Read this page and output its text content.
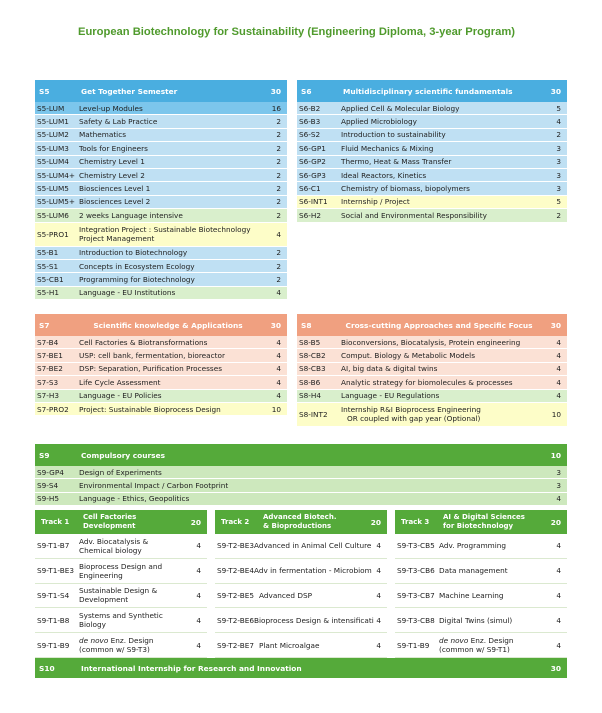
European Biotechnology for Sustainability (Engineering Diploma, 3-year Program)
S5	Get Together Semester	30
S5-LUM	Level-up Modules	16
S5-LUM1	Safety & Lab Practice	2
S5-LUM2	Mathematics	2
S5-LUM3	Tools for Engineers	2
S5-LUM4	Chemistry Level 1	2
S5-LUM4+ Chemistry Level 2	2
S5-LUM5	Biosciences Level 1	2
S5-LUM5+ Biosciences Level 2	2
S5-LUM6	2 weeks Language intensive	2
S5-PRO1	Integration Project : Sustainable Biotechnology Project Management	4
S5-B1	Introduction to Biotechnology	2
S5-S1	Concepts in Ecosystem Ecology	2
S5-CB1	Programming for Biotechnology	2
S5-H1	Language - EU Institutions	4
S6	Multidisciplinary scientific fundamentals	30
S6-B2	Applied Cell & Molecular Biology	5
S6-B3	Applied Microbiology	4
S6-S2	Introduction to sustainability	2
S6-GP1	Fluid Mechanics & Mixing	3
S6-GP2	Thermo, Heat & Mass Transfer	3
S6-GP3	Ideal Reactors, Kinetics	3
S6-C1	Chemistry of biomass, biopolymers	3
S6-INT1	Internship / Project	5
S6-H2	Social and Environmental Responsibility	2
S7	Scientific knowledge & Applications	30
S7-B4	Cell Factories & Biotransformations	4
S7-BE1	USP: cell bank, fermentation, bioreactor	4
S7-BE2	DSP: Separation, Purification Processes	4
S7-S3	Life Cycle Assessment	4
S7-H3	Language - EU Policies	4
S7-PRO2	Project: Sustainable Bioprocess Design	10
S8	Cross-cutting Approaches and Specific Focus	30
S8-B5	Bioconversions, Biocatalysis, Protein engineering	4
S8-CB2	Comput. Biology & Metabolic Models	4
S8-CB3	AI, big data & digital twins	4
S8-B6	Analytic strategy for biomolecules & processes	4
S8-H4	Language - EU Regulations	4
S8-INT2	Internship R&I Bioprocess Engineering
OR coupled with gap year (Optional)	10
S9	Compulsory courses	10
S9-GP4	Design of Experiments	3
S9-S4	Environmental Impact / Carbon Footprint	3
S9-H5	Language - Ethics, Geopolitics	4
Track 1
Cell Factories
Development	20
S9-T1-B7	Adv. Biocatalysis & Chemical biology	4
S9-T1-BE3 Bioprocess Design and Engineering	4
S9-T1-S4	Sustainable Design & Development	4
S9-T1-B8	Systems and Synthetic Biology	4
S9-T1-B9	de novo Enz. Design (common w/ S9-T3)	4
Track 2
Advanced Biotech.
& Bioproductions	20
S9-T2-BE3 Advanced in Animal Cell Culture 4
S9-T2-BE4 Adv in fermentation - Microbiom 4
S9-T2-BE5 Advanced DSP	4
S9-T2-BE6 Bioprocess Design & intensificati 4
S9-T2-BE7 Plant Microalgae	4
Track 3
AI & Digital Sciences
for Biotechnology	20
S9-T3-CB5 Adv. Programming	4
S9-T3-CB6 Data management	4
S9-T3-CB7 Machine Learning	4
S9-T3-CB8 Digital Twins (simul)	4
S9-T1-B9	de novo Enz. Design (common w/ S9-T1)	4
S10	International Internship for Research and Innovation	30
